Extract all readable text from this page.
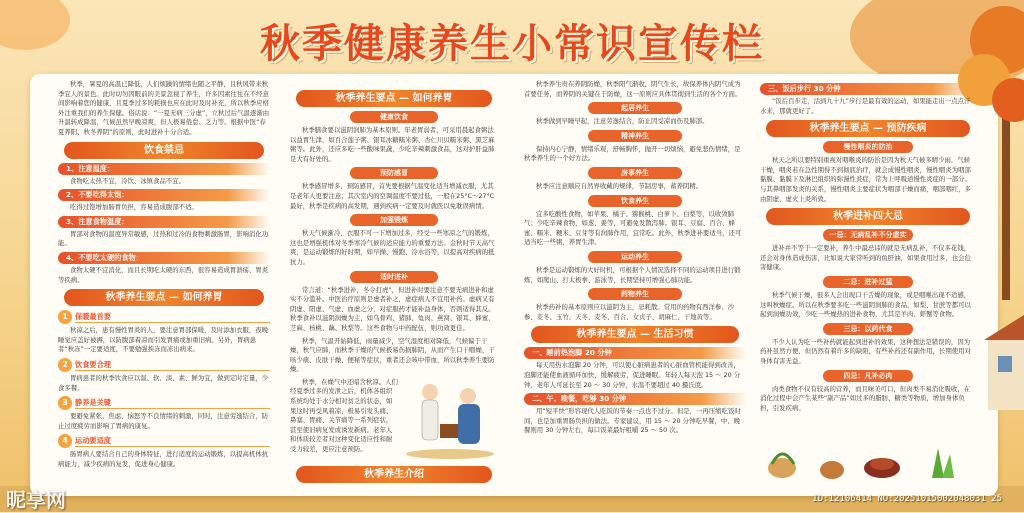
秋季健康养生小常识宣传栏

秋季，暑夏的高温已降低，人们烦躁的情绪也随之平静，且秋风带来秋季宜人的景色。此时切勿因眼前的美景忽视了养生，许多因素往往在不经意间影响着您的健康，且夏季过多的耗损也应在此时及时补充，所以秋季应格外注重我们的养生保健。俗话说：“一夏无病三分虚”，立秋过后气温逐渐由升温转成降温，气候虽然早晚凉爽，但人极易倦怠、乏力等。根据中医“春夏养阳、秋冬养阴”的原则，此时进补十分合适。

饮食禁忌
1、注意温度：

食物吃太热不宜，冷饮、冰镇食品不宜。

2、不要吃得太饱：

吃得过饱增加肠胃负担，容易造成腹部不适。

3、注意食物温度：

胃部对食物的温度异常敏感，过热和过冷的食物刺激肠胃，影响消化功能。

4、不要吃太硬的食物：

食物太硬不宜消化，而且长期吃太硬的东西，很容易造成胃溃疡、胃炎等疾病。

秋季养生要点 — 如何养胃
1	保暖最首要

秋凉之后，患有慢性胃炎的人，要注意胃部保暖，及时添加衣服，夜晚睡觉应盖好被褥，以防腹部着凉而引发胃痛或加重旧病。另外，胃病患者“秋冻”一定要适度，不要勉强挨冻而冻出病来。

2	饮食要合理

胃病患者的秋季饮食应以温、软、淡、素、鲜为宜，做到定时定量，少食多餐。

3	静养是关键

要避免紧张、焦虑、恼怒等不良情绪的刺激，同时，注意劳逸结合，防止过度疲劳而影响了胃病的康复。

4	运动要适度

肠胃病人要结合自己的身体特征，进行适度的运动锻炼，以提高机体抗病能力，减少疾病的复发，促进身心健康。

秋季养生要点 — 如何养胃
健康饮食

秋季膳食要以滋阴润肺为基本原则。年老胃弱者，可采用晨起食粥法以益胃生津，如百合莲子粥、银耳冰糖糯米粥、杏仁川贝糯米粥、黑芝麻粥等。此外，还应多吃一些酸味果蔬，少吃辛辣刺激食品，这对护肝益肺是大有好处的。

预防感冒

秋季感冒增多，预防感冒，首先要根据气温变化适当增减衣服，尤其是老年人更要注意；其次室内的空调温度不要过低，一般在25°C～27°C最好，秋季是疾病的高发期，遇到疾病一定要及时就医以免耽误病情。

加强锻炼

秋天气候渐冷，衣服不可一下增加过多，经受一些寒凉之气的锻炼，这也是增强机体对冬季寒冷气候的适应能力的重要方法。金秋时节天高气爽，是运动锻炼的好时期，如早操、慢跑、冷水浴等，以提高对疾病的抵抗力。

适时进补

常言道：“秋季进补，冬令打虎”，但进补时要注意不要无病进补和虚实不分滥补。中医治疗原则是虚者补之，虚症病人不宜用补药。虚病又有阴虚、阳虚、气虚、血虚之分，对症服药才能补益身体，否则适得其反。秋季食补以滋阴润燥为主，如乌骨鸡、猪肺、龟肉、燕窝、银耳、蜂蜜、芝麻、核桃、藕、秋梨等。这些食物与中药配伍，则功效更佳。

秋季，气温开始降低，雨量减少，空气湿度相对降低，气候偏于干燥，秋气应肺，而秋季干燥的气候极易伤损肺阴，从而产生口干咽燥、干咳少痰、皮肤干燥、便秘等症状，重者还会咳中带血，所以秋季养生要防燥。

秋季，在燥气中还暗含秋凉。人们经夏季过多的发泄之后，机体各组织系统均处于水分相对贫乏的状态，如果这时再受风着凉，极易引发头痛、鼻塞、胃痛、关节痛等一系列症状，甚至使旧病复发或诱发新病。老年人和体质较差者对这种变化适应性和耐受力较差，更应注意预防。

秋季养生介绍

秋季养生贵在养阴防燥，秋季阳气渐收，阴气生长，故保养体内阴气成为首要任务，而养阴的关键在于防燥，这一原则应具体贯彻到生活的各个方面。

起居养生

秋季做到早睡早起，注意劳逸结合，防止因受凉而伤及肺部。

精神养生

保持内心宁静，情绪乐观，舒畅胸怀，抛开一切烦恼，避免悲伤情绪，是秋季养生的一个好方法。

房事养生

秋季应注意顺应自然界收藏的规律，节制房事，蓄养阴精。

饮食养生

宜多吃酸性食物，如苹果、橘子、猕猴桃、白萝卜、白梨等，以收敛肺气；少吃辛辣食物，如葱、姜等，可避免发散泻肺。银耳、豆腐、百合、蜂蜜、糯米、粳米、豆芽等有润肺作用，宜常吃。此外，秋季进补要适当，还可适当吃一些粥，养胃生津。

运动养生

秋季是运动锻炼的大好时机，可根据个人情况选择不同的运动项目进行锻炼，如爬山、打太极拳、游泳等，长期坚持可增强心肺功能。

药物养生

秋季药补的基本原则应以滋阴为主，忌耗散。常用的药物有西洋参、沙参、麦冬、玉竹、天冬、麦冬、百合、女贞子、胡麻仁、干地黄等。

秋季养生要点 — 生活习惯
一、睡前热泡脚 20 分钟

每天用热水泡脚 20 分钟，可以使心脏病患者的心脏血管机能得到改善，泡脚还能使血液循环加快，缓解疲劳，促进睡眠。年轻人每天泡 15 ～ 20 分钟，老年人可延长至 20 ～ 30 分钟，水温不要超过 40 摄氏度。

二、午、晚餐，吃够 30 分钟

用“短平快”形容现代人吃饭的节奏一点也不过分。但是，一再压缩吃饭时间，也是加重胃肠负担的做法。专家建议，用 15 ～ 20 分钟吃早餐，中、晚餐则用 30 分钟左右，每口饭菜最好咀嚼 25 ～ 50 次。

三、饭后步行 30 分钟

“饭后百步走，活到九十九”步行是最有效的运动，如果能走出一点点汗水来，那就更好了。

秋季养生要点 — 预防疾病
慢性咽炎的防治

秋天之所以要特别重视对咽喉炎的防治是因为秋天气候多晴少雨，气候干燥，咽炎若在急性期得不到彻底治疗，就会成慢性咽炎，慢性咽炎为咽部黏膜、黏膜下及淋巴组织的弥漫性炎症，常为上呼吸道慢性炎症的一部分。与其鼻咽部发炎的关系，慢性咽炎主要症状为咽部干燥而痛，咽部咽红，多由阴虚、虚火上炎所致。

秋季进补四大忌
一忌：无病乱补不分虚实

进补并不等于一定要补，养生中最忌讳的就是无病乱补，不仅多花钱，还会对身体造成伤害，比如说大家常听到的鱼肝油，如果食用过多，也会危害健康。

二忌：进补过猛

秋季气候干燥，很多人会出现口干舌燥的现象，或是咽喉出现不适感，这叫秋燥症。所以在秋季要多吃一些滋阴润肺的食品，如梨、甘蔗等都可以起到润燥功效，少吃一些燥热的进补食物，尤其是羊肉、虾蟹等食物。

三忌：以药代食

不少人认为吃一些补药就能起到进补的效果，这种想法是错误的，因为药补虽然方便，但仍然有着许多的缺陷，有些补药还有副作用，长期使用对身体有害无益。

四忌：凡补必肉

肉类食物不仅有较高的营养，而且味美可口，但肉类不易消化吸收，在消化过程中会产生某些“副产品”如过多的脂肪、糖类等物质，增加身体负担，引发疾病。

昵享网	ID:12106414 NO:20251015002048031 25
